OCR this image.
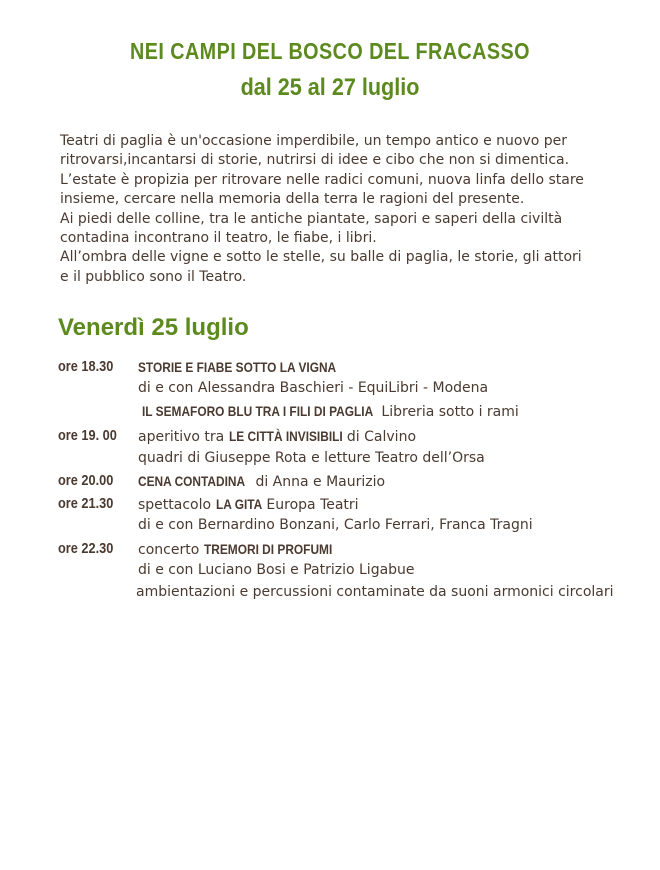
NEI CAMPI DEL BOSCO DEL FRACASSO
dal 25 al 27 luglio

Teatri di paglia è un'occasione imperdibile, un tempo antico e nuovo per

ritrovarsi,incantarsi di storie, nutrirsi di idee e cibo che non si dimentica.

L’estate è propizia per ritrovare nelle radici comuni, nuova linfa dello stare

insieme, cercare nella memoria della terra le ragioni del presente.

Ai piedi delle colline, tra le antiche piantate, sapori e saperi della civiltà

contadina incontrano il teatro, le fiabe, i libri.

All’ombra delle vigne e sotto le stelle, su balle di paglia, le storie, gli attori

e il pubblico sono il Teatro.

Venerdì 25 luglio
ore 18.30 STORIE E FIABE SOTTO LA VIGNA
di e con Alessandra Baschieri - EquiLibri - Modena
IL SEMAFORO BLU TRA I FILI DI PAGLIA Libreria sotto i rami
ore 19. 00 aperitivo tra LE CITTÀ INVISIBILI di Calvino
quadri di Giuseppe Rota e letture Teatro dell’Orsa
ore 20.00 CENA CONTADINA di Anna e Maurizio
ore 21.30 spettacolo LA GITA Europa Teatri
di e con Bernardino Bonzani, Carlo Ferrari, Franca Tragni
ore 22.30 concerto TREMORI DI PROFUMI
di e con Luciano Bosi e Patrizio Ligabue
ambientazioni e percussioni contaminate da suoni armonici circolari
